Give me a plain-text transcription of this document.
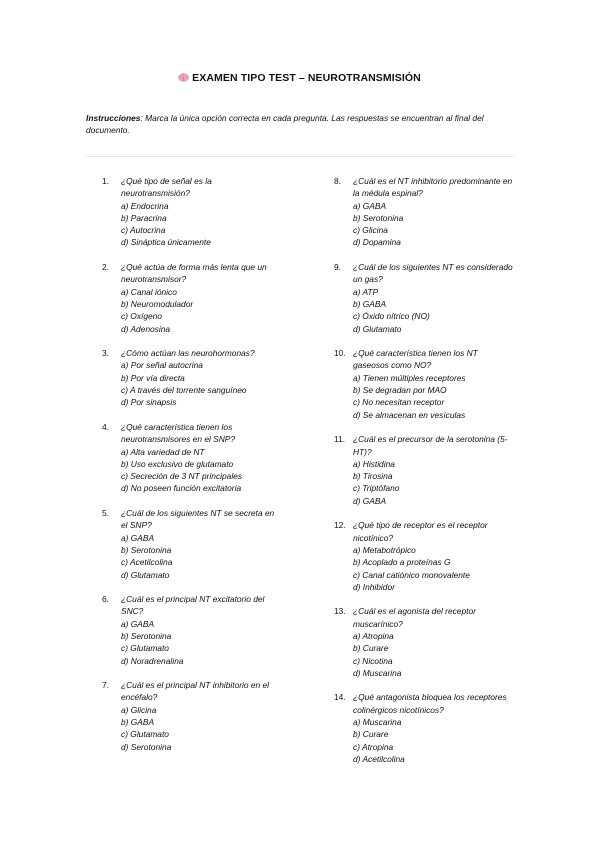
EXAMEN TIPO TEST – NEUROTRANSMISIÓN
Instrucciones: Marca la única opción correcta en cada pregunta. Las respuestas se encuentran al final del documento.
1.	¿Qué tipo de señal es la neurotransmisión?
a) Endocrina
b) Paracrina
c) Autocrina
d) Sináptica únicamente
2.	¿Qué actúa de forma más lenta que un neurotransmisor?
a) Canal iónico
b) Neuromodulador
c) Oxígeno
d) Adenosina
3.	¿Cómo actúan las neurohormonas?
a) Por señal autocrina
b) Por vía directa
c) A través del torrente sanguíneo
d) Por sinapsis
4.	¿Qué característica tienen los neurotransmisores en el SNP?
a) Alta variedad de NT
b) Uso exclusivo de glutamato
c) Secreción de 3 NT principales
d) No poseen función excitatoria
5.	¿Cuál de los siguientes NT se secreta en el SNP?
a) GABA
b) Serotonina
c) Acetilcolina
d) Glutamato
6.	¿Cuál es el principal NT excitatorio del SNC?
a) GABA
b) Serotonina
c) Glutamato
d) Noradrenalina
7.	¿Cuál es el principal NT inhibitorio en el encéfalo?
a) Glicina
b) GABA
c) Glutamato
d) Serotonina
8.	¿Cuál es el NT inhibitorio predominante en la médula espinal?
a) GABA
b) Serotonina
c) Glicina
d) Dopamina
9.	¿Cuál de los siguientes NT es considerado un gas?
a) ATP
b) GABA
c) Óxido nítrico (NO)
d) Glutamato
10. ¿Qué característica tienen los NT gaseosos como NO?
a) Tienen múltiples receptores
b) Se degradan por MAO
c) No necesitan receptor
d) Se almacenan en vesículas
11. ¿Cuál es el precursor de la serotonina (5-HT)?
a) Histidina
b) Tirosina
c) Triptófano
d) GABA
12. ¿Qué tipo de receptor es el receptor nicotínico?
a) Metabotrópico
b) Acoplado a proteínas G
c) Canal catiónico monovalente
d) Inhibidor
13. ¿Cuál es el agonista del receptor muscarínico?
a) Atropina
b) Curare
c) Nicotina
d) Muscarina
14. ¿Qué antagonista bloquea los receptores colinérgicos nicotínicos?
a) Muscarina
b) Curare
c) Atropina
d) Acetilcolina
